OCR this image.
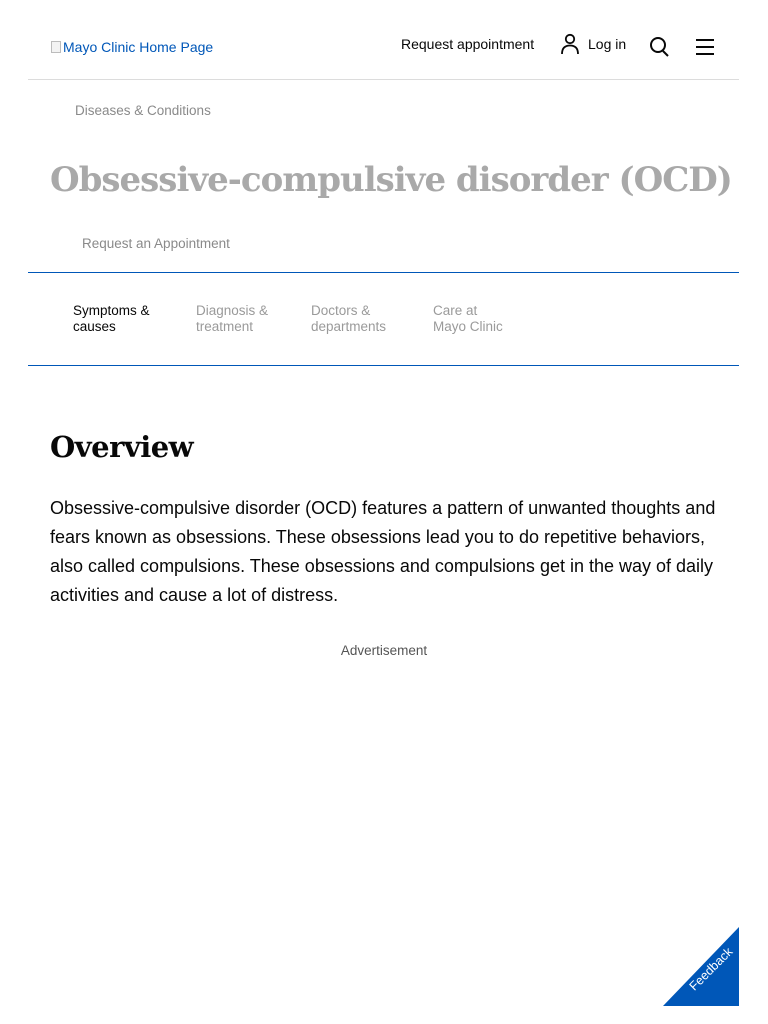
Mayo Clinic Home Page	Request appointment	Log in
Diseases & Conditions
Obsessive-compulsive disorder (OCD)
Request an Appointment
Symptoms &
causes
Diagnosis &
treatment
Doctors &
departments
Care at
Mayo Clinic
Overview

Obsessive-compulsive disorder (OCD) features a pattern of unwanted thoughts and fears known as obsessions. These obsessions lead you to do repetitive behaviors, also called compulsions. These obsessions and compulsions get in the way of daily activities and cause a lot of distress.

Advertisement
Feedback
